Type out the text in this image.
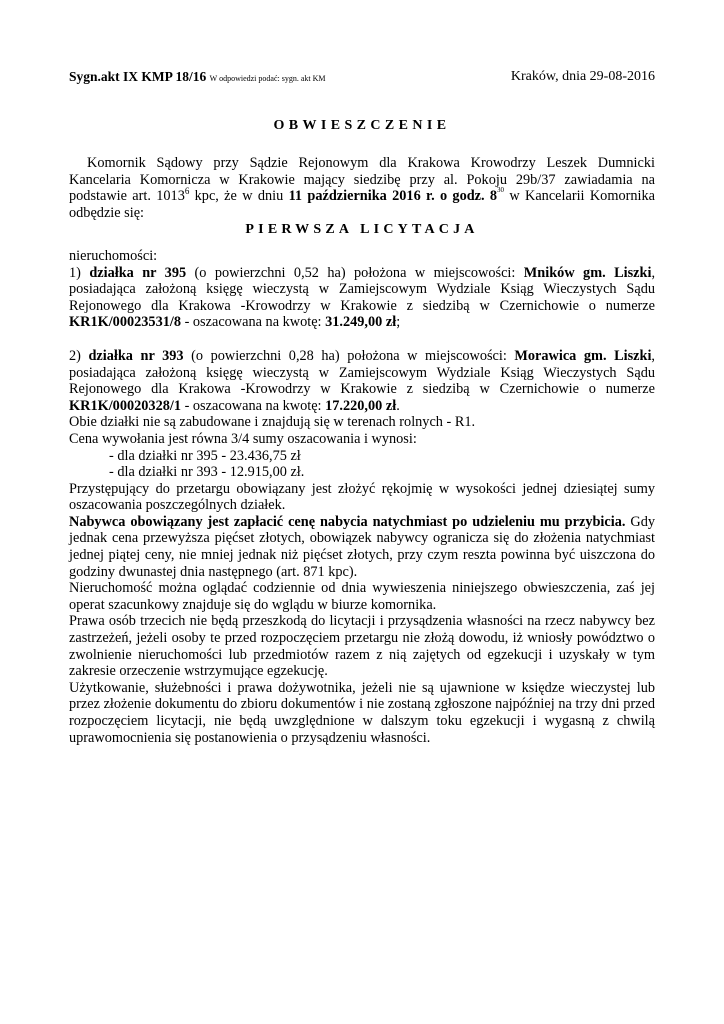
Sygn.akt IX KMP 18/16 W odpowiedzi podać: sygn. akt KM	Kraków, dnia 29-08-2016
OBWIESZCZENIE

Komornik Sądowy przy Sądzie Rejonowym dla Krakowa Krowodrzy Leszek Dumnicki Kancelaria Komornicza w Krakowie mający siedzibę przy al. Pokoju 29b/37 zawiadamia na podstawie art. 1013$^6$ kpc, że w dniu 11 października 2016 r. o godz. $8^{30}$ w Kancelarii Komornika odbędzie się:

PIERWSZA LICYTACJA

nieruchomości:

1) działka nr 395 (o powierzchni 0,52 ha) położona w miejscowości: Mników gm. Liszki, posiadająca założoną księgę wieczystą w Zamiejscowym Wydziale Ksiąg Wieczystych Sądu Rejonowego dla Krakowa -Krowodrzy w Krakowie z siedzibą w Czernichowie o numerze KR1K/00023531/8 - oszacowana na kwotę: 31.249,00 zł;

2) działka nr 393 (o powierzchni 0,28 ha) położona w miejscowości: Morawica gm. Liszki, posiadająca założoną księgę wieczystą w Zamiejscowym Wydziale Ksiąg Wieczystych Sądu Rejonowego dla Krakowa -Krowodrzy w Krakowie z siedzibą w Czernichowie o numerze KR1K/00020328/1 - oszacowana na kwotę: 17.220,00 zł.

Obie działki nie są zabudowane i znajdują się w terenach rolnych - R1.

Cena wywołania jest równa 3/4 sumy oszacowania i wynosi:

- dla działki nr 395 - 23.436,75 zł

- dla działki nr 393 - 12.915,00 zł.

Przystępujący do przetargu obowiązany jest złożyć rękojmię w wysokości jednej dziesiątej sumy oszacowania poszczególnych działek.

Nabywca obowiązany jest zapłacić cenę nabycia natychmiast po udzieleniu mu przybicia. Gdy jednak cena przewyższa pięćset złotych, obowiązek nabywcy ogranicza się do złożenia natychmiast jednej piątej ceny, nie mniej jednak niż pięćset złotych, przy czym reszta powinna być uiszczona do godziny dwunastej dnia następnego (art. 871 kpc).

Nieruchomość można oglądać codziennie od dnia wywieszenia niniejszego obwieszczenia, zaś jej operat szacunkowy znajduje się do wglądu w biurze komornika.

Prawa osób trzecich nie będą przeszkodą do licytacji i przysądzenia własności na rzecz nabywcy bez zastrzeżeń, jeżeli osoby te przed rozpoczęciem przetargu nie złożą dowodu, iż wniosły powództwo o zwolnienie nieruchomości lub przedmiotów razem z nią zajętych od egzekucji i uzyskały w tym zakresie orzeczenie wstrzymujące egzekucję.

Użytkowanie, służebności i prawa dożywotnika, jeżeli nie są ujawnione w księdze wieczystej lub przez złożenie dokumentu do zbioru dokumentów i nie zostaną zgłoszone najpóźniej na trzy dni przed rozpoczęciem licytacji, nie będą uwzględnione w dalszym toku egzekucji i wygasną z chwilą uprawomocnienia się postanowienia o przysądzeniu własności.
